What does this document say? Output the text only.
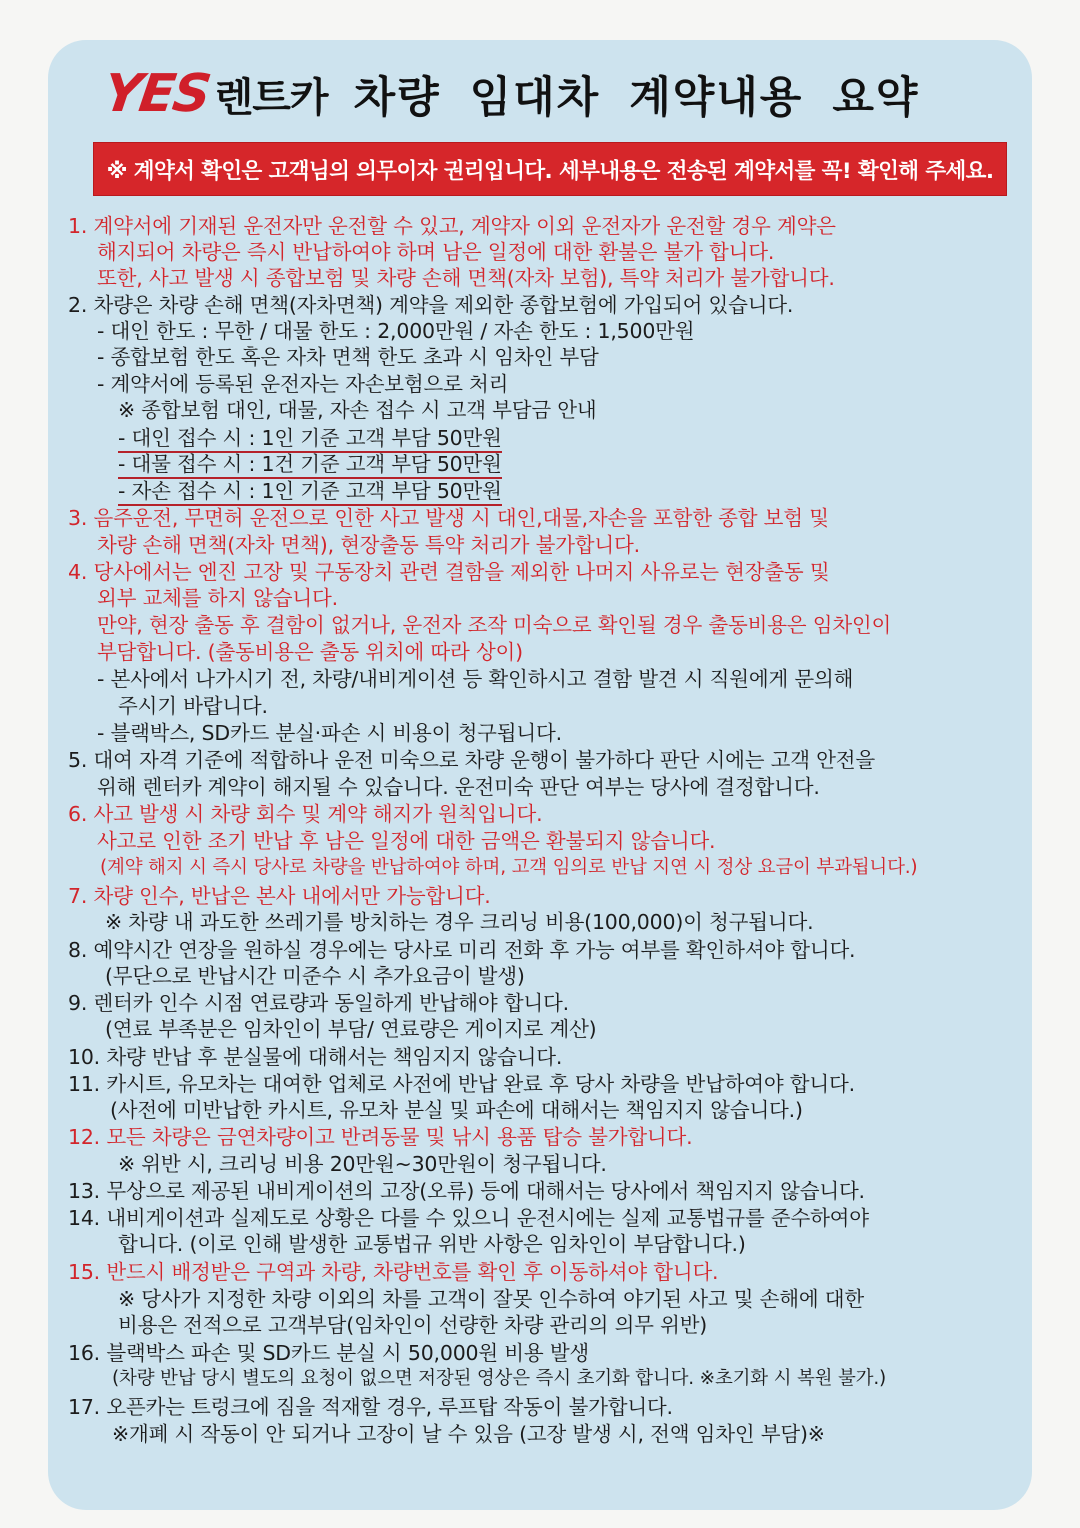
YES 렌트카 차량 임대차 계약내용 요약
※ 계약서 확인은 고객님의 의무이자 권리입니다. 세부내용은 전송된 계약서를 꼭! 확인해 주세요.
1. 계약서에 기재된 운전자만 운전할 수 있고, 계약자 이외 운전자가 운전할 경우 계약은
해지되어 차량은 즉시 반납하여야 하며 남은 일정에 대한 환불은 불가 합니다.
또한, 사고 발생 시 종합보험 및 차량 손해 면책(자차 보험), 특약 처리가 불가합니다.
2. 차량은 차량 손해 면책(자차면책) 계약을 제외한 종합보험에 가입되어 있습니다.
- 대인 한도 : 무한 / 대물 한도 : 2,000만원 / 자손 한도 : 1,500만원
- 종합보험 한도 혹은 자차 면책 한도 초과 시 임차인 부담
- 계약서에 등록된 운전자는 자손보험으로 처리
※ 종합보험 대인, 대물, 자손 접수 시 고객 부담금 안내
- 대인 접수 시 : 1인 기준 고객 부담 50만원
- 대물 접수 시 : 1건 기준 고객 부담 50만원
- 자손 접수 시 : 1인 기준 고객 부담 50만원
3. 음주운전, 무면허 운전으로 인한 사고 발생 시 대인,대물,자손을 포함한 종합 보험 및
차량 손해 면책(자차 면책), 현장출동 특약 처리가 불가합니다.
4. 당사에서는 엔진 고장 및 구동장치 관련 결함을 제외한 나머지 사유로는 현장출동 및
외부 교체를 하지 않습니다.
만약, 현장 출동 후 결함이 없거나, 운전자 조작 미숙으로 확인될 경우 출동비용은 임차인이
부담합니다. (출동비용은 출동 위치에 따라 상이)
- 본사에서 나가시기 전, 차량/내비게이션 등 확인하시고 결함 발견 시 직원에게 문의해
주시기 바랍니다.
- 블랙박스, SD카드 분실·파손 시 비용이 청구됩니다.
5. 대여 자격 기준에 적합하나 운전 미숙으로 차량 운행이 불가하다 판단 시에는 고객 안전을
위해 렌터카 계약이 해지될 수 있습니다. 운전미숙 판단 여부는 당사에 결정합니다.
6. 사고 발생 시 차량 회수 및 계약 해지가 원칙입니다.
사고로 인한 조기 반납 후 남은 일정에 대한 금액은 환불되지 않습니다.
(계약 해지 시 즉시 당사로 차량을 반납하여야 하며, 고객 임의로 반납 지연 시 정상 요금이 부과됩니다.)
7. 차량 인수, 반납은 본사 내에서만 가능합니다.
※ 차량 내 과도한 쓰레기를 방치하는 경우 크리닝 비용(100,000)이 청구됩니다.
8. 예약시간 연장을 원하실 경우에는 당사로 미리 전화 후 가능 여부를 확인하셔야 합니다.
(무단으로 반납시간 미준수 시 추가요금이 발생)
9. 렌터카 인수 시점 연료량과 동일하게 반납해야 합니다.
(연료 부족분은 임차인이 부담/ 연료량은 게이지로 계산)
10. 차량 반납 후 분실물에 대해서는 책임지지 않습니다.
11. 카시트, 유모차는 대여한 업체로 사전에 반납 완료 후 당사 차량을 반납하여야 합니다.
(사전에 미반납한 카시트, 유모차 분실 및 파손에 대해서는 책임지지 않습니다.)
12. 모든 차량은 금연차량이고 반려동물 및 낚시 용품 탑승 불가합니다.
※ 위반 시, 크리닝 비용 20만원~30만원이 청구됩니다.
13. 무상으로 제공된 내비게이션의 고장(오류) 등에 대해서는 당사에서 책임지지 않습니다.
14. 내비게이션과 실제도로 상황은 다를 수 있으니 운전시에는 실제 교통법규를 준수하여야
합니다. (이로 인해 발생한 교통법규 위반 사항은 임차인이 부담합니다.)
15. 반드시 배정받은 구역과 차량, 차량번호를 확인 후 이동하셔야 합니다.
※ 당사가 지정한 차량 이외의 차를 고객이 잘못 인수하여 야기된 사고 및 손해에 대한
비용은 전적으로 고객부담(임차인이 선량한 차량 관리의 의무 위반)
16. 블랙박스 파손 및 SD카드 분실 시 50,000원 비용 발생
(차량 반납 당시 별도의 요청이 없으면 저장된 영상은 즉시 초기화 합니다. ※초기화 시 복원 불가.)
17. 오픈카는 트렁크에 짐을 적재할 경우, 루프탑 작동이 불가합니다.
※개폐 시 작동이 안 되거나 고장이 날 수 있음 (고장 발생 시, 전액 임차인 부담)※
